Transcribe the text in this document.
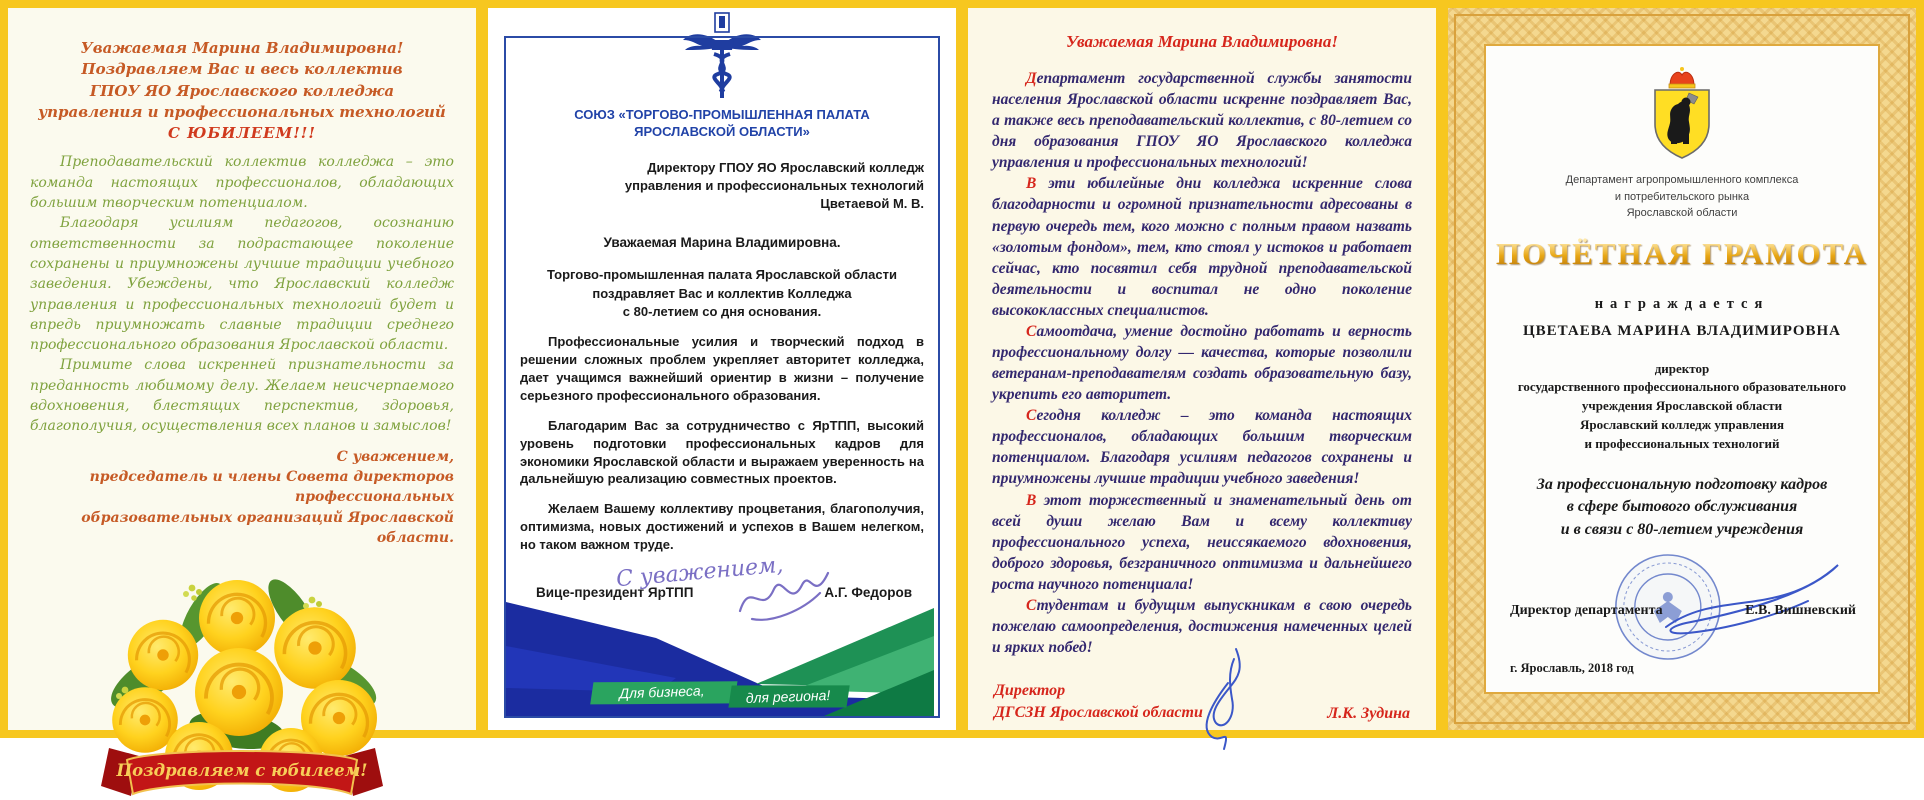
Уважаемая Марина Владимировна!
Поздравляем Вас и весь коллектив
ГПОУ ЯО Ярославского колледжа
управления и профессиональных технологий
С ЮБИЛЕЕМ!!!

Преподавательский коллектив колледжа – это команда настоящих профессионалов, обладающих большим творческим потенциалом.

Благодаря усилиям педагогов, осознанию ответственности за подрастающее поколение сохранены и приумножены лучшие традиции учебного заведения. Убеждены, что Ярославский колледж управления и профессиональных технологий будет и впредь приумножать славные традиции среднего профессионального образования Ярославской области.

Примите слова искренней признательности за преданность любимому делу. Желаем неисчерпаемого вдохновения, блестящих перспектив, здоровья, благополучия, осуществления всех планов и замыслов!

С уважением,
председатель и члены Совета директоров профессиональных
образовательных организаций Ярославской области.
Поздравляем с юбилеем!
СОЮЗ «ТОРГОВО-ПРОМЫШЛЕННАЯ ПАЛАТА
ЯРОСЛАВСКОЙ ОБЛАСТИ»
Директору ГПОУ ЯО Ярославский колледж
управления и профессиональных технологий
Цветаевой М. В.
Уважаемая Марина Владимировна.
Торгово-промышленная палата Ярославской области
поздравляет Вас и коллектив Колледжа
с 80-летием со дня основания.

Профессиональные усилия и творческий подход в решении сложных проблем укрепляет авторитет колледжа, дает учащимся важнейший ориентир в жизни – получение серьезного профессионального образования.

Благодарим Вас за сотрудничество с ЯрТПП, высокий уровень подготовки профессиональных кадров для экономики Ярославской области и выражаем уверенность на дальнейшую реализацию совместных проектов.

Желаем Вашему коллективу процветания, благополучия, оптимизма, новых достижений и успехов в Вашем нелегком, но таком важном труде.

С уважением,
Вице-президент ЯрТПП	А.Г. Федоров
Для бизнеса,	для региона!
Уважаемая Марина Владимировна!

Департамент государственной службы занятости населения Ярославской области искренне поздравляет Вас, а также весь преподавательский коллектив, с 80-летием со дня образования ГПОУ ЯО Ярославского колледжа управления и профессиональных технологий!

В эти юбилейные дни колледжа искренние слова благодарности и огромной признательности адресованы в первую очередь тем, кого можно с полным правом назвать «золотым фондом», тем, кто стоял у истоков и работает сейчас, кто посвятил себя трудной преподавательской деятельности и воспитал не одно поколение высококлассных специалистов.

Самоотдача, умение достойно работать и верность профессиональному долгу — качества, которые позволили ветеранам-преподавателям создать образовательную базу, укрепить его авторитет.

Сегодня колледж – это команда настоящих профессионалов, обладающих большим творческим потенциалом. Благодаря усилиям педагогов сохранены и приумножены лучшие традиции учебного заведения!

В этот торжественный и знаменательный день от всей души желаю Вам и всему коллективу профессионального успеха, неиссякаемого вдохновения, доброго здоровья, безграничного оптимизма и дальнейшего роста научного потенциала!

Студентам и будущим выпускникам в свою очередь пожелаю самоопределения, достижения намеченных целей и ярких побед!

Директор
ДГСЗН Ярославской области	Л.К. Зудина
Департамент агропромышленного комплекса
и потребительского рынка
Ярославской области
ПОЧЁТНАЯ ГРАМОТА
награждается
ЦВЕТАЕВА МАРИНА ВЛАДИМИРОВНА
директор
государственного профессионального образовательного
учреждения Ярославской области
Ярославский колледж управления
и профессиональных технологий
За профессиональную подготовку кадров
в сфере бытового обслуживания
и в связи с 80-летием учреждения
Директор департамента	Е.В. Вишневский
г. Ярославль, 2018 год
